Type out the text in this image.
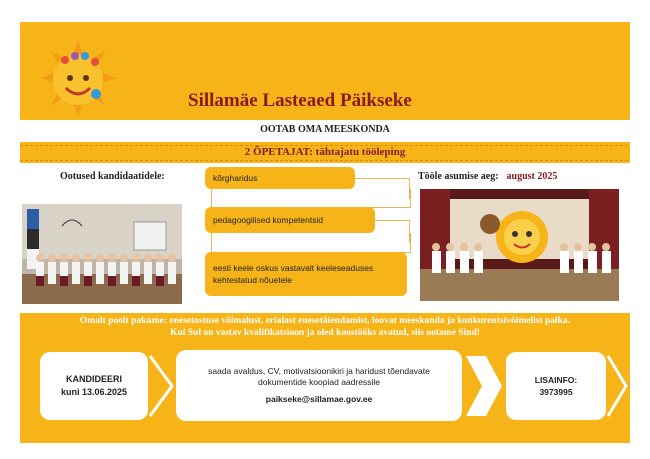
Sillamäe Lasteaed Päikseke
OOTAB OMA MEESKONDA
2 ÕPETAJAT: tähtajatu tööleping
Ootused kandidaatidele:	Tööle asumise aeg: august 2025
kõrgharidus
pedagoogilised kompetentsid
eesti keele oskus vastavalt keeleseaduses kehtestatud nõuetele
Omalt poolt pakume: enesetostuse võimalust, erialast enesetäiendamist, loovat meeskonda ja konkurentsivõimelist palka.
Kui Sul on vastav kvalifikatsioon ja oled koostööks avatud, siis ootame Sind!
KANDIDEERI
kuni 13.06.2025
saada avaldus, CV, motivatsioonikiri ja haridust tõendavate
dokumentide koopiad aadressile
paikseke@sillamae.gov.ee
LISAINFO:
3973995
